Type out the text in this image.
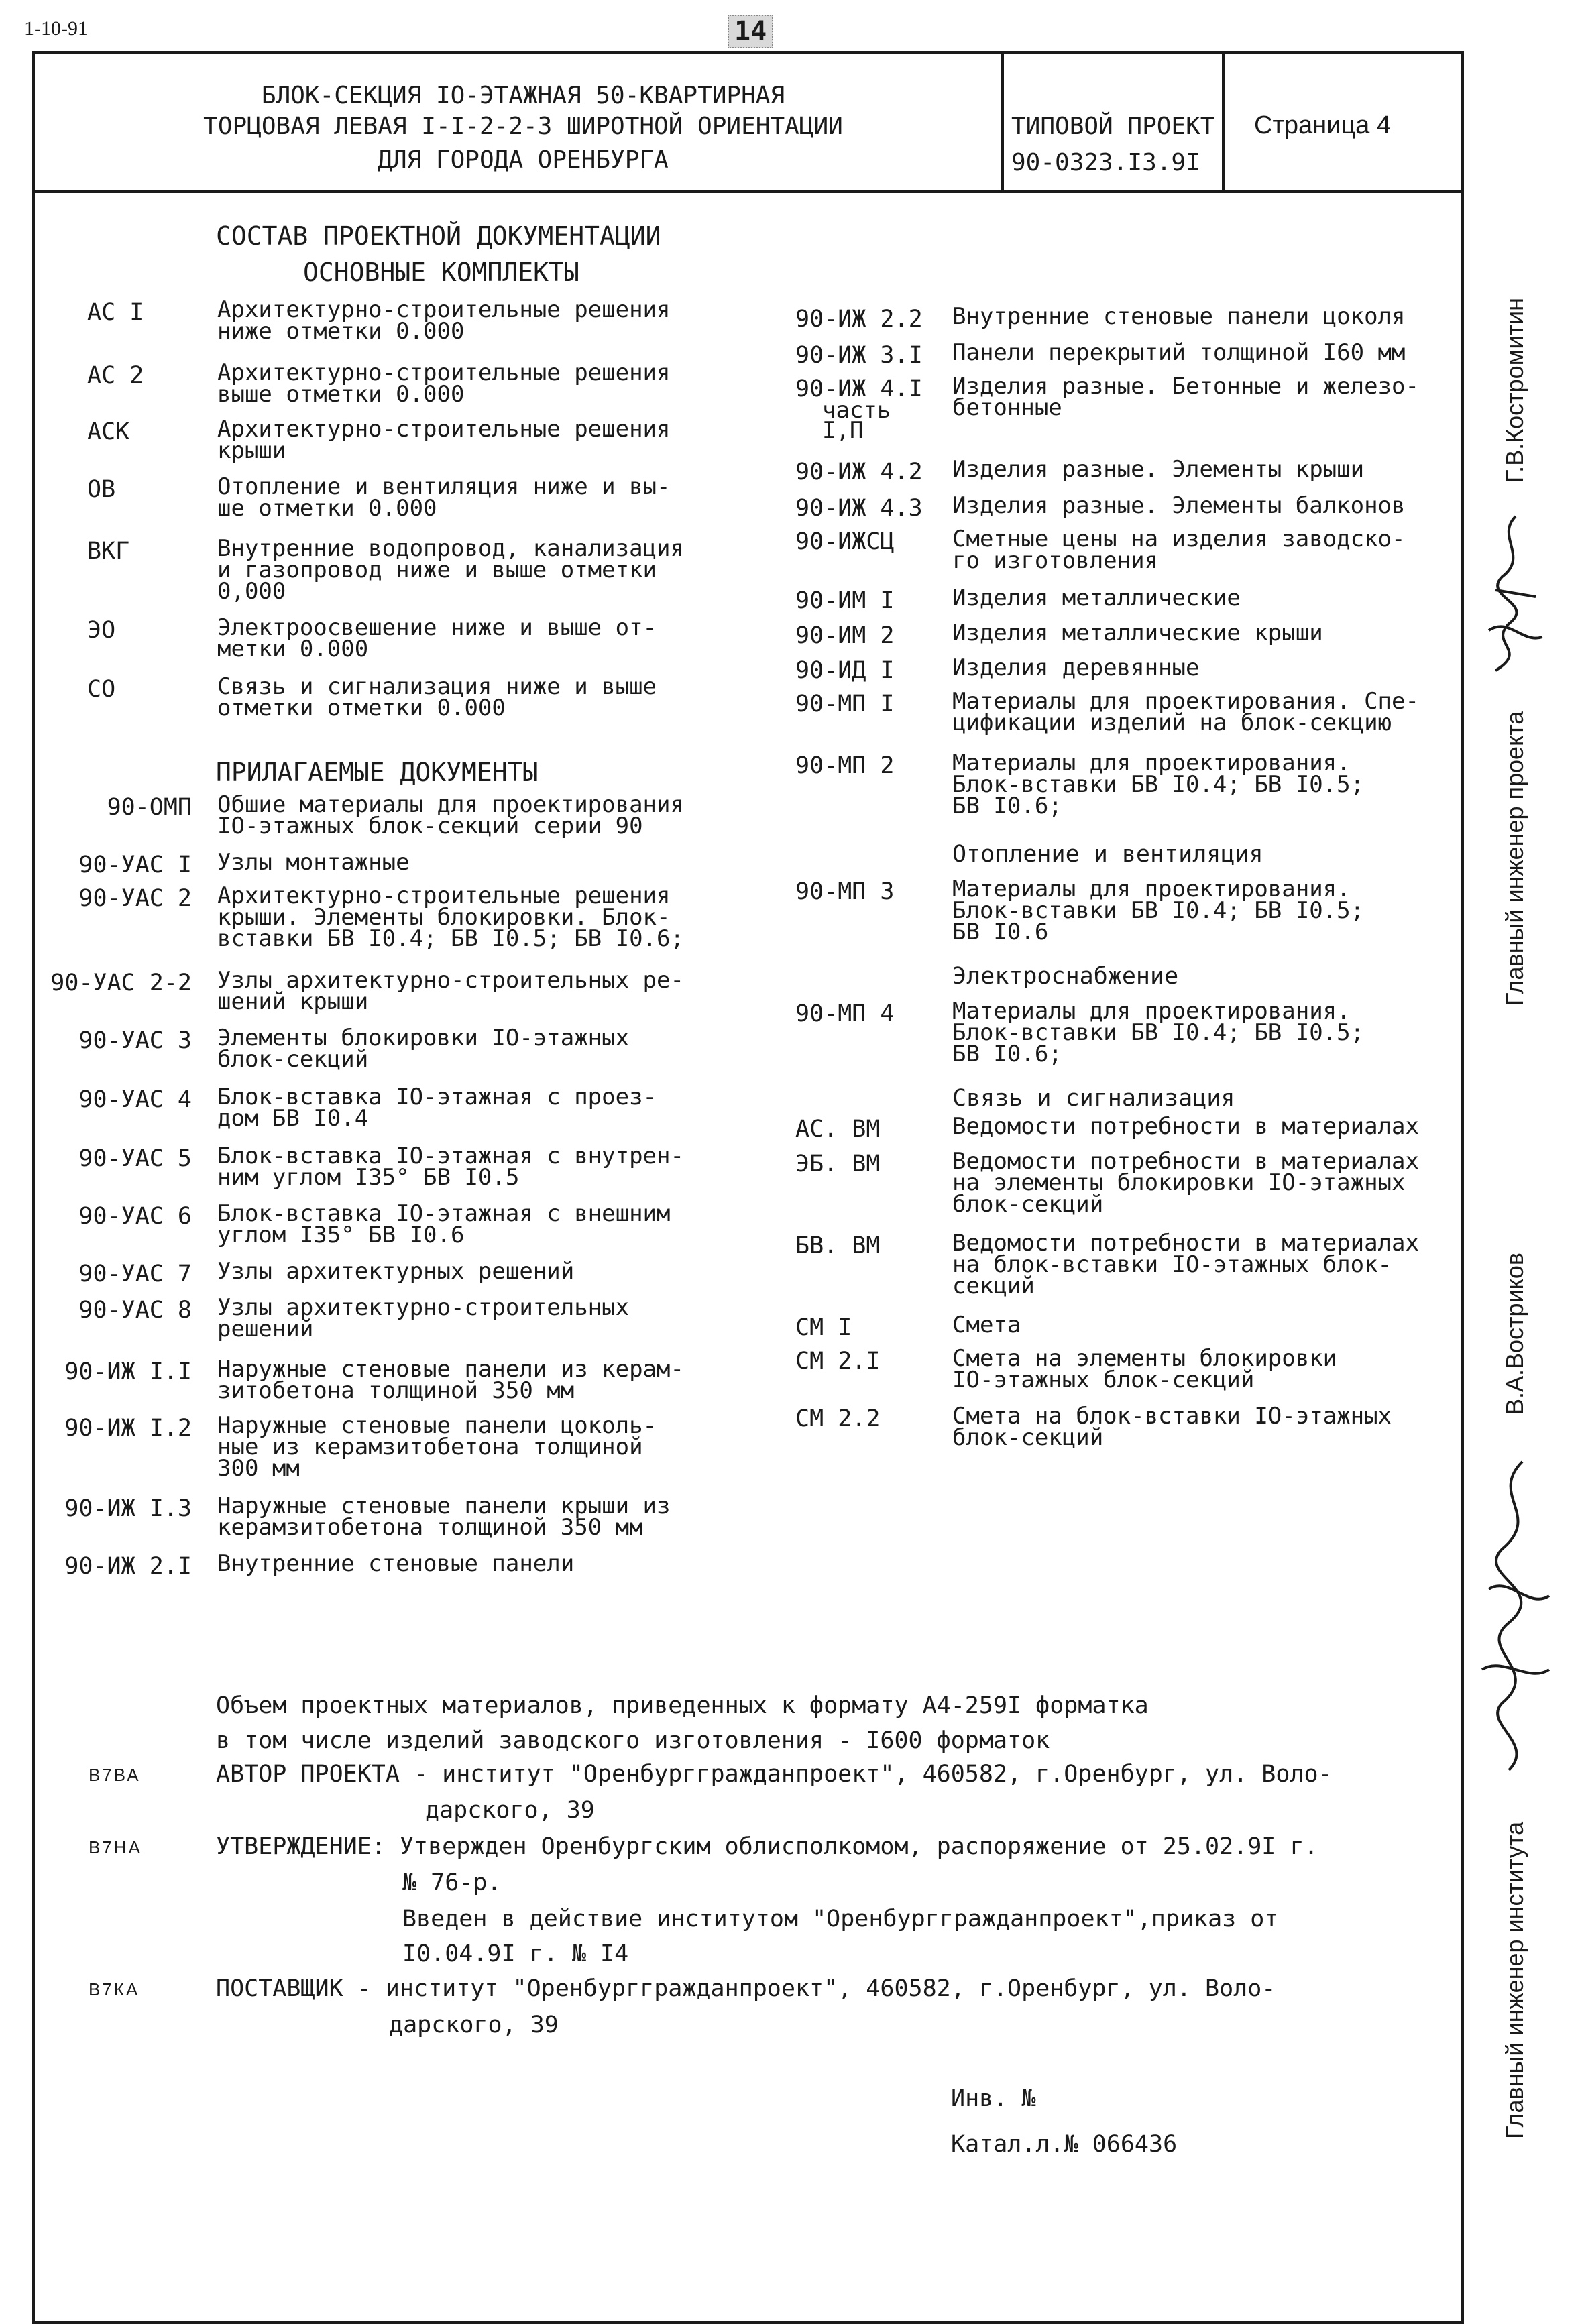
1-10-91	14
БЛОК-СЕКЦИЯ IO-ЭТАЖНАЯ 50-КВАРТИРНАЯ
ТОРЦОВАЯ ЛЕВАЯ I-I-2-2-3 ШИРОТНОЙ ОРИЕНТАЦИИ
ДЛЯ ГОРОДА ОРЕНБУРГА
ТИПОВОЙ ПРОЕКТ
90-0323.I3.9I
Страница 4
СОСТАВ ПРОЕКТНОЙ ДОКУМЕНТАЦИИ
ОСНОВНЫЕ КОМПЛЕКТЫ
АС I	Архитектурно-строительные решения
ниже отметки 0.000
АС 2	Архитектурно-строительные решения
выше отметки 0.000
АСК	Архитектурно-строительные решения
крыши
ОВ	Отопление и вентиляция ниже и вы-
ше отметки 0.000
ВКГ	Внутренние водопровод, канализация
и газопровод ниже и выше отметки
0,000
ЭО	Электроосвешение ниже и выше от-
метки 0.000
СО	Связь и сигнализация ниже и выше
отметки отметки 0.000
ПРИЛАГАЕМЫЕ ДОКУМЕНТЫ
90-ОМП Обшие материалы для проектирования
IO-этажных блок-секций серии 90
90-УАС I Узлы монтажные
90-УАС 2 Архитектурно-строительные решения
крыши. Элементы блокировки. Блок-
вставки БВ I0.4; БВ I0.5; БВ I0.6;
90-УАС 2-2 Узлы архитектурно-строительных ре-
шений крыши
90-УАС 3 Элементы блокировки IO-этажных
блок-секций
90-УАС 4 Блок-вставка IO-этажная с проез-
дом БВ I0.4
90-УАС 5 Блок-вставка IO-этажная с внутрен-
ним углом I35° БВ I0.5
90-УАС 6 Блок-вставка IO-этажная с внешним
углом I35° БВ I0.6
90-УАС 7 Узлы архитектурных решений
90-УАС 8 Узлы архитектурно-строительных
решений
90-ИЖ I.I Наружные стеновые панели из керам-
зитобетона толщиной 350 мм
90-ИЖ I.2 Наружные стеновые панели цоколь-
ные из керамзитобетона толщиной
300 мм
90-ИЖ I.3 Наружные стеновые панели крыши из
керамзитобетона толщиной 350 мм
90-ИЖ 2.I Внутренние стеновые панели
90-ИЖ 2.2 Внутренние стеновые панели цоколя
90-ИЖ 3.I Панели перекрытий толщиной I60 мм
90-ИЖ 4.I
часть
I,П
Изделия разные. Бетонные и железо-
бетонные
90-ИЖ 4.2 Изделия разные. Элементы крыши
90-ИЖ 4.3 Изделия разные. Элементы балконов
90-ИЖСЦ	Сметные цены на изделия заводско-
го изготовления
90-ИМ I	Изделия металлические
90-ИМ 2	Изделия металлические крыши
90-ИД I	Изделия деревянные
90-МП I	Материалы для проектирования. Спе-
цификации изделий на блок-секцию
90-МП 2	Материалы для проектирования.
Блок-вставки БВ I0.4; БВ I0.5;
БВ I0.6;
Отопление и вентиляция
90-МП 3	Материалы для проектирования.
Блок-вставки БВ I0.4; БВ I0.5;
БВ I0.6
Электроснабжение
90-МП 4	Материалы для проектирования.
Блок-вставки БВ I0.4; БВ I0.5;
БВ I0.6;
Связь и сигнализация
АС. ВМ	Ведомости потребности в материалах
ЭБ. ВМ	Ведомости потребности в материалах
на элементы блокировки IO-этажных
блок-секций
БВ. ВМ	Ведомости потребности в материалах
на блок-вставки IO-этажных блок-
секций
СМ I	Смета
СМ 2.I	Смета на элементы блокировки
IO-этажных блок-секций
СМ 2.2	Смета на блок-вставки IO-этажных
блок-секций
Объем проектных материалов, приведенных к формату А4-259I форматка
в том числе изделий заводского изготовления - I600 форматок
В7ВА	АВТОР ПРОЕКТА - институт "Оренбурггражданпроект", 460582, г.Оренбург, ул. Воло-
дарского, 39
В7НА	УТВЕРЖДЕНИЕ: Утвержден Оренбургским облисполкомом, распоряжение от 25.02.9I г.
№ 76-р.
Введен в действие институтом "Оренбурггражданпроект",приказ от
I0.04.9I г. № I4
В7КА	ПОСТАВЩИК - институт "Оренбурггражданпроект", 460582, г.Оренбург, ул. Воло-
дарского, 39
Инв. №
Катал.л.№ 066436
Главный инженер проекта
Г.В.Костромитин
В.А.Востриков
Главный инженер института
